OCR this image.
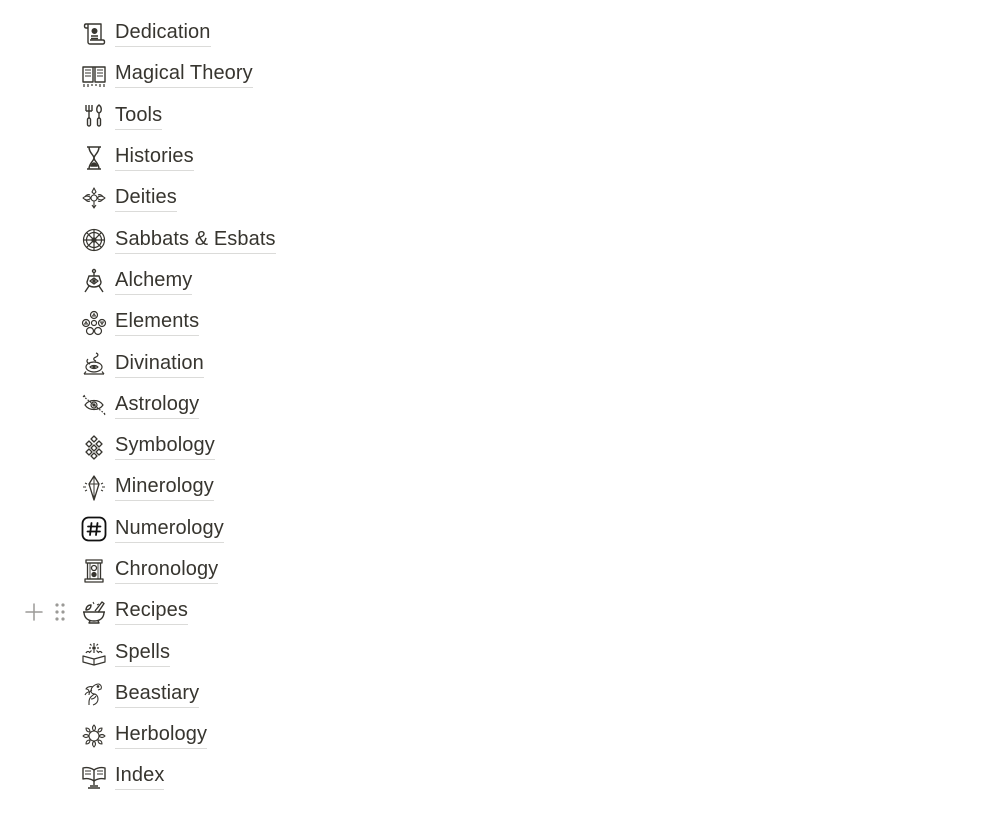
Dedication
Magical Theory
Tools
Histories
Deities
Sabbats & Esbats
Alchemy
Elements
Divination
Astrology
Symbology
Minerology
Numerology
Chronology
Recipes
Spells
Beastiary
Herbology
Index
